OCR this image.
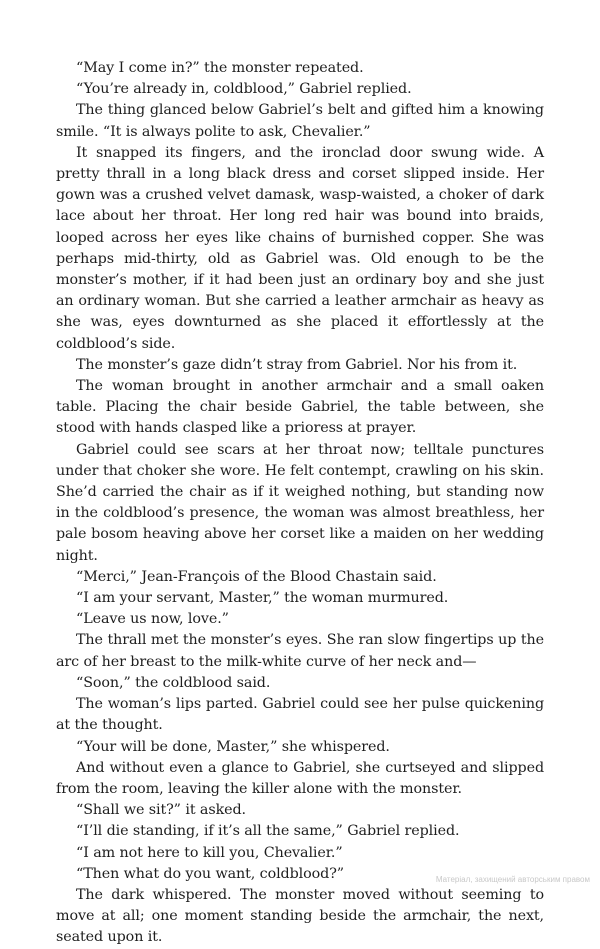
“May I come in?” the monster repeated.

“You’re already in, coldblood,” Gabriel replied.

The thing glanced below Gabriel’s belt and gifted him a knowing smile. “It is always polite to ask, Chevalier.”

It snapped its fingers, and the ironclad door swung wide. A pretty thrall in a long black dress and corset slipped inside. Her gown was a crushed velvet damask, wasp-waisted, a choker of dark lace about her throat. Her long red hair was bound into braids, looped across her eyes like chains of burnished copper. She was perhaps mid-thirty, old as Gabriel was. Old enough to be the monster’s mother, if it had been just an ordinary boy and she just an ordinary woman. But she carried a leather armchair as heavy as she was, eyes downturned as she placed it effortlessly at the coldblood’s side.

The monster’s gaze didn’t stray from Gabriel. Nor his from it.

The woman brought in another armchair and a small oaken table. Placing the chair beside Gabriel, the table between, she stood with hands clasped like a prioress at prayer.

Gabriel could see scars at her throat now; telltale punctures under that choker she wore. He felt contempt, crawling on his skin. She’d carried the chair as if it weighed nothing, but standing now in the coldblood’s presence, the woman was almost breathless, her pale bosom heaving above her corset like a maiden on her wedding night.

“Merci,” Jean-François of the Blood Chastain said.

“I am your servant, Master,” the woman murmured.

“Leave us now, love.”

The thrall met the monster’s eyes. She ran slow fingertips up the arc of her breast to the milk-white curve of her neck and—

“Soon,” the coldblood said.

The woman’s lips parted. Gabriel could see her pulse quickening at the thought.

“Your will be done, Master,” she whispered.

And without even a glance to Gabriel, she curtseyed and slipped from the room, leaving the killer alone with the monster.

“Shall we sit?” it asked.

“I’ll die standing, if it’s all the same,” Gabriel replied.

“I am not here to kill you, Chevalier.”

“Then what do you want, coldblood?”

The dark whispered. The monster moved without seeming to move at all; one moment standing beside the armchair, the next, seated upon it.

Матеріал, захищений авторським правом
